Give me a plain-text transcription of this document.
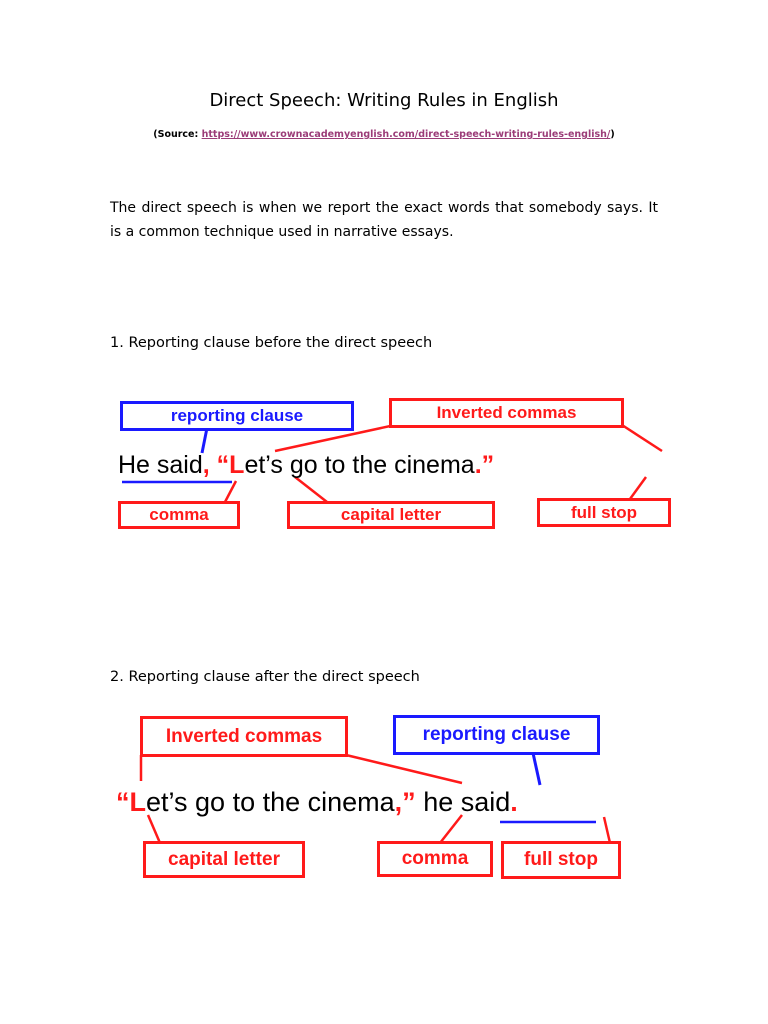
Direct Speech: Writing Rules in English
(Source: https://www.crownacademyenglish.com/direct-speech-writing-rules-english/)
The direct speech is when we report the exact words that somebody says. It is a common technique used in narrative essays.
1. Reporting clause before the direct speech
reporting clause	Inverted commas
He said, “Let’s go to the cinema.”
comma	capital letter	full stop
2. Reporting clause after the direct speech
Inverted commas	reporting clause
“Let’s go to the cinema,” he said.
capital letter	comma	full stop
